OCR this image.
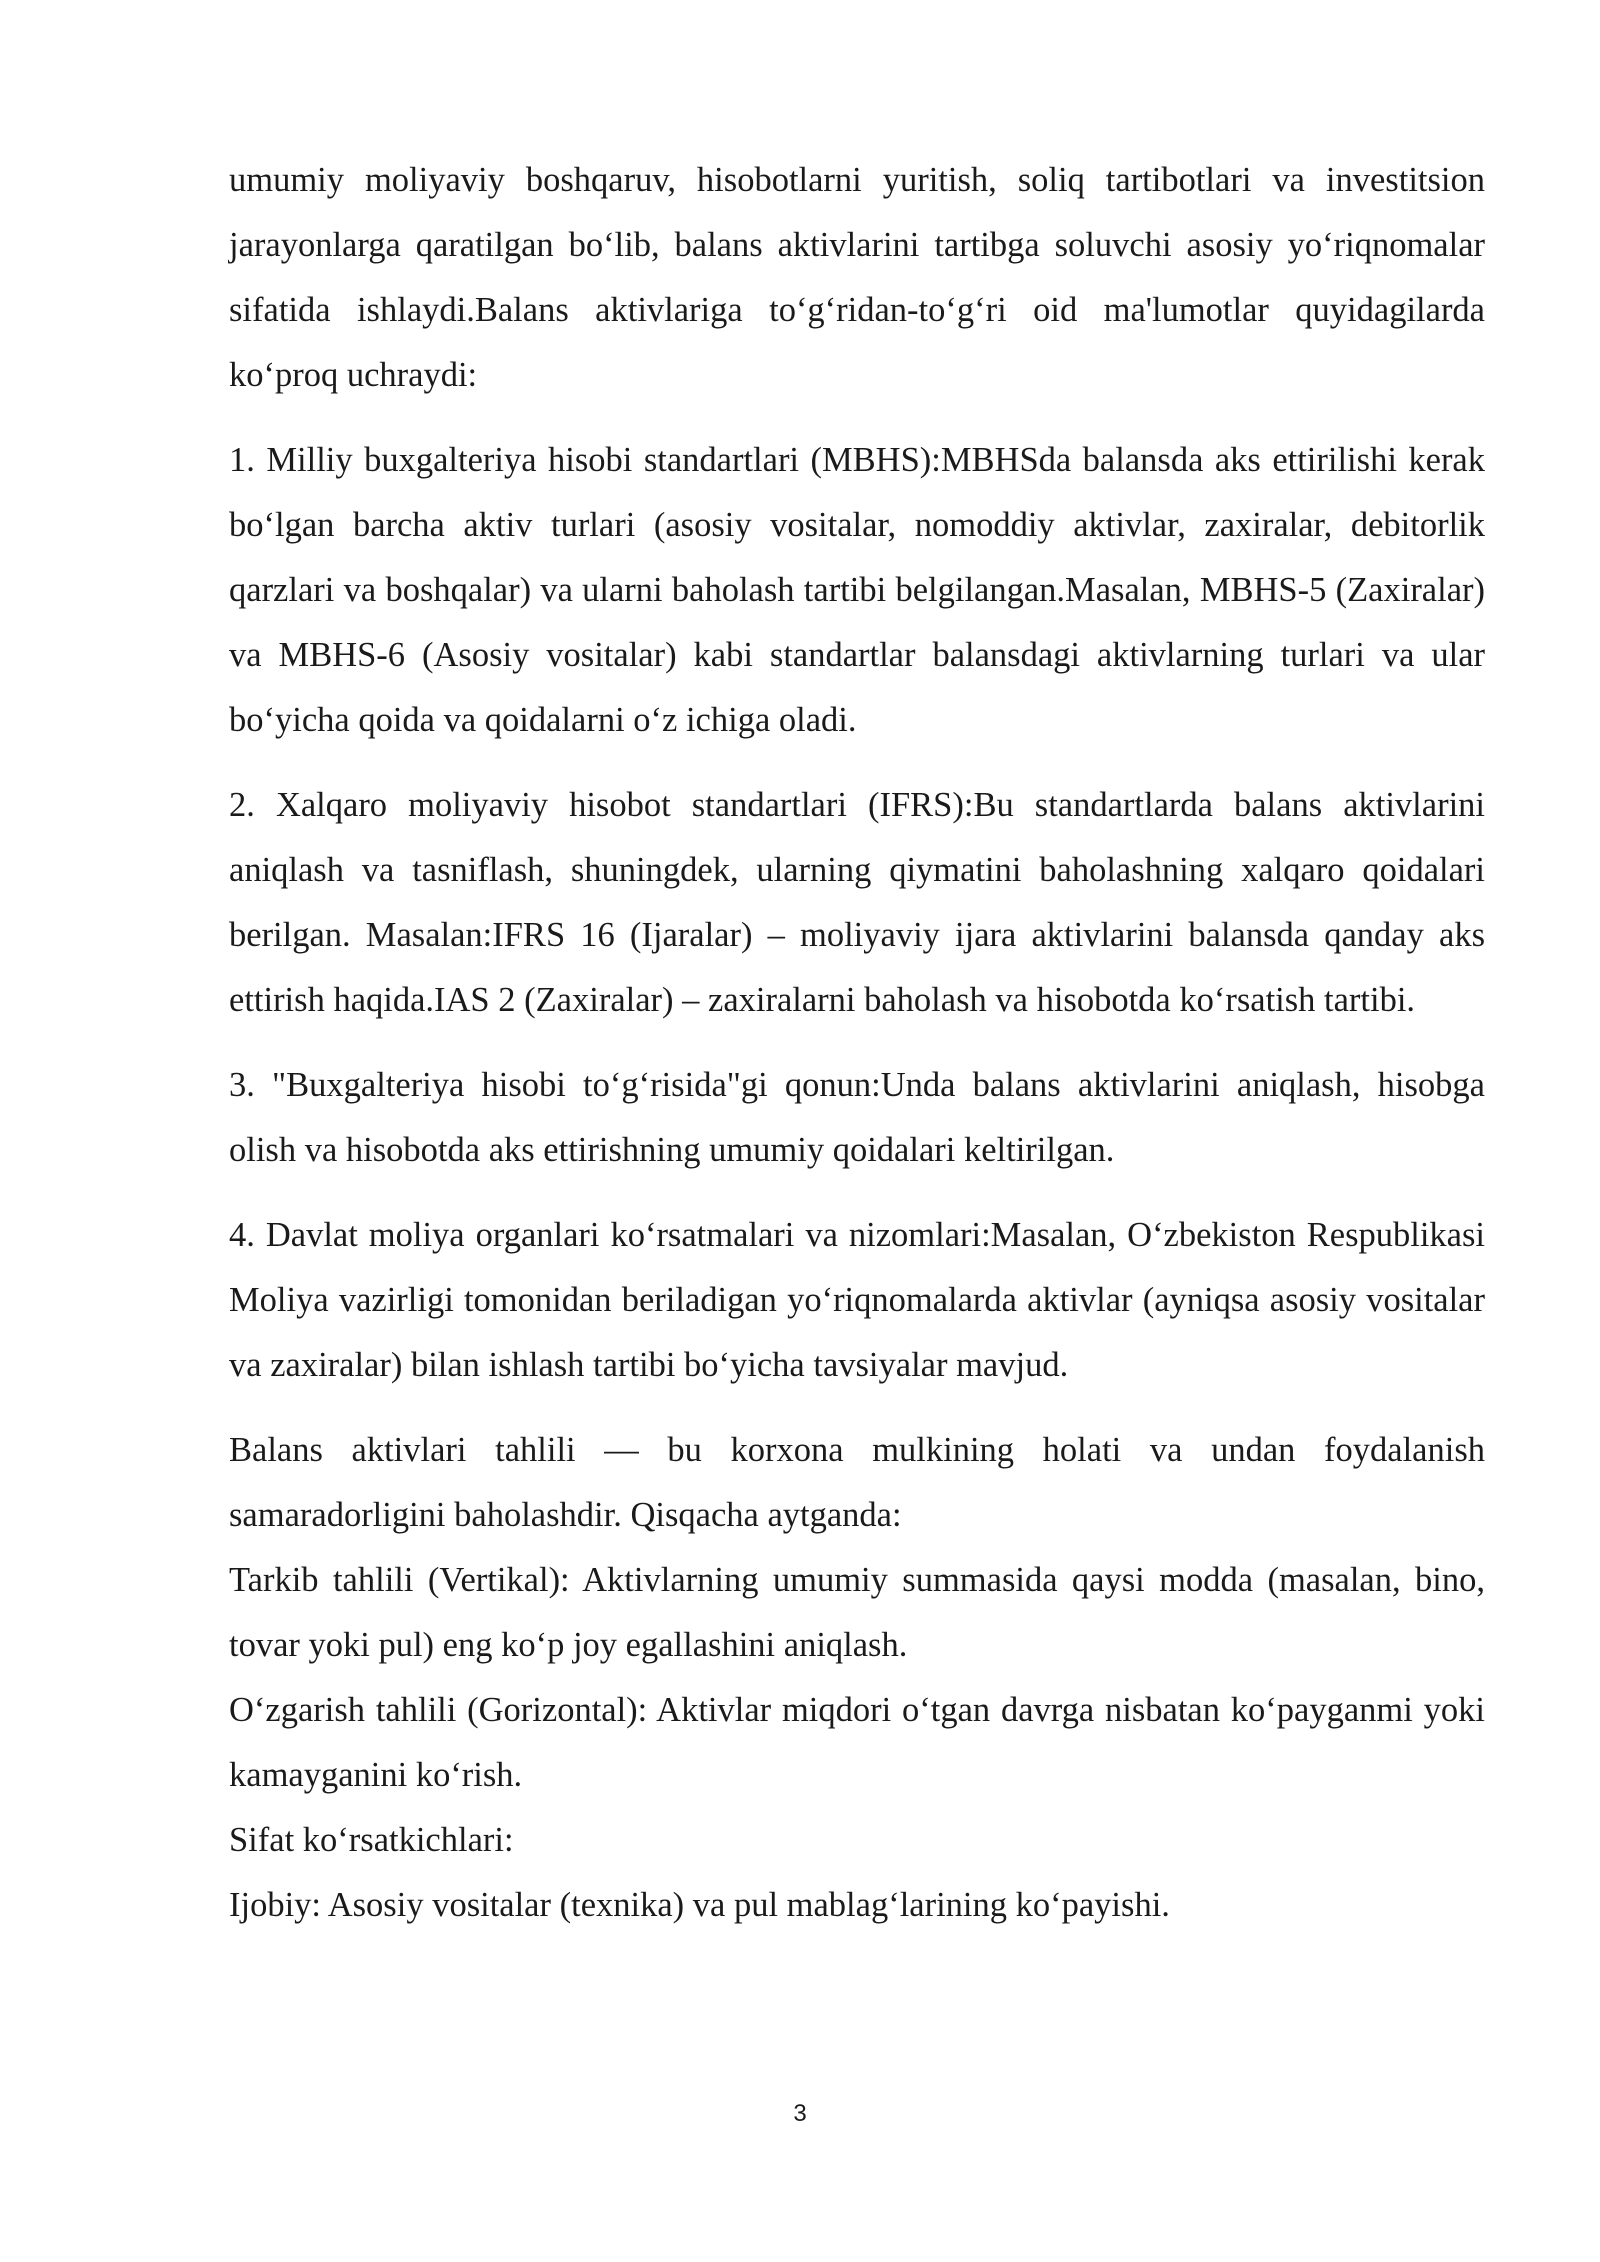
umumiy moliyaviy boshqaruv, hisobotlarni yuritish, soliq tartibotlari va investitsion jarayonlarga qaratilgan boʻlib, balans aktivlarini tartibga soluvchi asosiy yoʻriqnomalar sifatida ishlaydi.Balans aktivlariga toʻgʻridan-toʻgʻri oid ma'lumotlar quyidagilarda koʻproq uchraydi:

1. Milliy buxgalteriya hisobi standartlari (MBHS):MBHSda balansda aks ettirilishi kerak boʻlgan barcha aktiv turlari (asosiy vositalar, nomoddiy aktivlar, zaxiralar, debitorlik qarzlari va boshqalar) va ularni baholash tartibi belgilangan.Masalan, MBHS-5 (Zaxiralar) va MBHS-6 (Asosiy vositalar) kabi standartlar balansdagi aktivlarning turlari va ular boʻyicha qoida va qoidalarni oʻz ichiga oladi.

2. Xalqaro moliyaviy hisobot standartlari (IFRS):Bu standartlarda balans aktivlarini aniqlash va tasniflash, shuningdek, ularning qiymatini baholashning xalqaro qoidalari berilgan. Masalan:IFRS 16 (Ijaralar) – moliyaviy ijara aktivlarini balansda qanday aks ettirish haqida.IAS 2 (Zaxiralar) – zaxiralarni baholash va hisobotda koʻrsatish tartibi.

3. "Buxgalteriya hisobi toʻgʻrisida"gi qonun:Unda balans aktivlarini aniqlash, hisobga olish va hisobotda aks ettirishning umumiy qoidalari keltirilgan.

4. Davlat moliya organlari koʻrsatmalari va nizomlari:Masalan, Oʻzbekiston Respublikasi Moliya vazirligi tomonidan beriladigan yoʻriqnomalarda aktivlar (ayniqsa asosiy vositalar va zaxiralar) bilan ishlash tartibi boʻyicha tavsiyalar mavjud.

Balans aktivlari tahlili — bu korxona mulkining holati va undan foydalanish samaradorligini baholashdir. Qisqacha aytganda:

Tarkib tahlili (Vertikal): Aktivlarning umumiy summasida qaysi modda (masalan, bino, tovar yoki pul) eng koʻp joy egallashini aniqlash.

Oʻzgarish tahlili (Gorizontal): Aktivlar miqdori oʻtgan davrga nisbatan koʻpayganmi yoki kamayganini koʻrish.

Sifat koʻrsatkichlari:

Ijobiy: Asosiy vositalar (texnika) va pul mablagʻlarining koʻpayishi.

3
